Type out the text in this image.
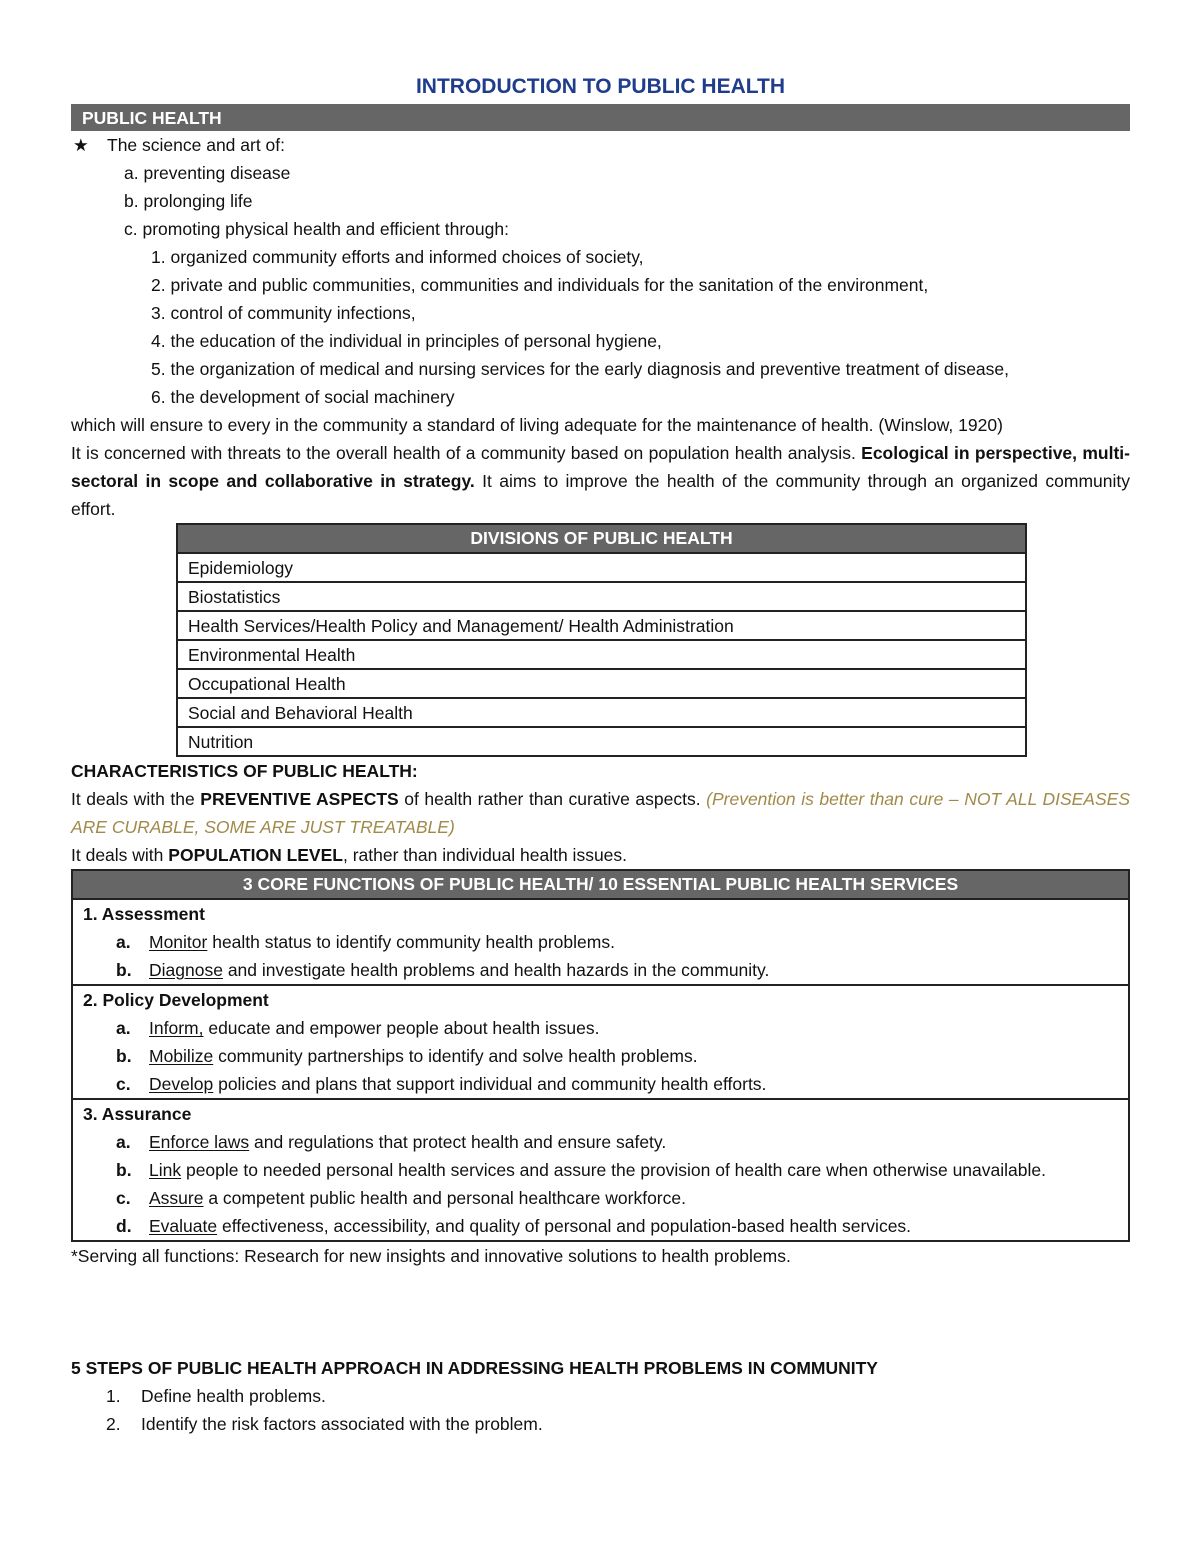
INTRODUCTION TO PUBLIC HEALTH
PUBLIC HEALTH
★	The science and art of:
a. preventing disease
b. prolonging life
c. promoting physical health and efficient through:
1. organized community efforts and informed choices of society,
2. private and public communities, communities and individuals for the sanitation of the environment,
3. control of community infections,
4. the education of the individual in principles of personal hygiene,
5. the organization of medical and nursing services for the early diagnosis and preventive treatment of disease,
6. the development of social machinery
which will ensure to every in the community a standard of living adequate for the maintenance of health. (Winslow, 1920)
It is concerned with threats to the overall health of a community based on population health analysis. Ecological in perspective, multi-sectoral in scope and collaborative in strategy. It aims to improve the health of the community through an organized community effort.
DIVISIONS OF PUBLIC HEALTH
Epidemiology
Biostatistics
Health Services/Health Policy and Management/ Health Administration
Environmental Health
Occupational Health
Social and Behavioral Health
Nutrition
CHARACTERISTICS OF PUBLIC HEALTH:
It deals with the PREVENTIVE ASPECTS of health rather than curative aspects. (Prevention is better than cure – NOT ALL DISEASES ARE CURABLE, SOME ARE JUST TREATABLE)
It deals with POPULATION LEVEL, rather than individual health issues.
3 CORE FUNCTIONS OF PUBLIC HEALTH/ 10 ESSENTIAL PUBLIC HEALTH SERVICES
1. Assessment
a.	Monitor health status to identify community health problems.
b. Diagnose and investigate health problems and health hazards in the community.
2. Policy Development
a.	Inform, educate and empower people about health issues.
b. Mobilize community partnerships to identify and solve health problems.
c.	Develop policies and plans that support individual and community health efforts.
3. Assurance
a.	Enforce laws and regulations that protect health and ensure safety.
b. Link people to needed personal health services and assure the provision of health care when otherwise unavailable.
c.	Assure a competent public health and personal healthcare workforce.
d. Evaluate effectiveness, accessibility, and quality of personal and population-based health services.
*Serving all functions: Research for new insights and innovative solutions to health problems.
5 STEPS OF PUBLIC HEALTH APPROACH IN ADDRESSING HEALTH PROBLEMS IN COMMUNITY
1.	Define health problems.
2.	Identify the risk factors associated with the problem.
